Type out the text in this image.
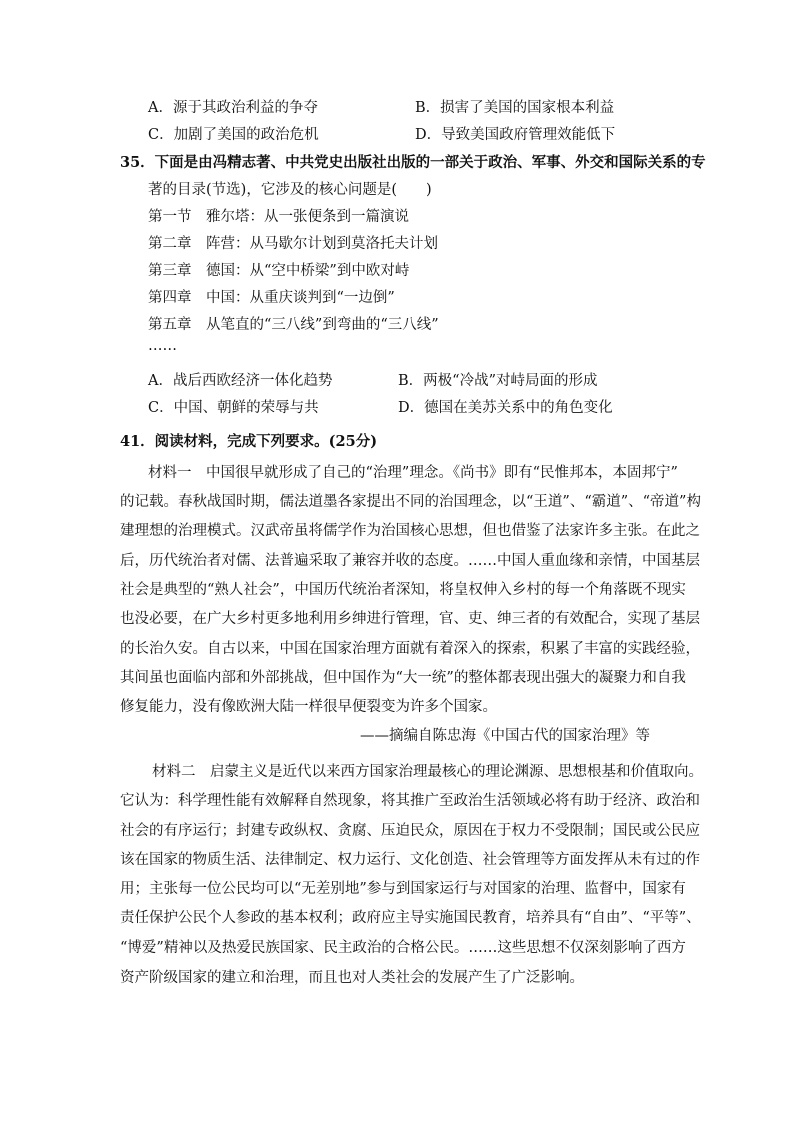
A．源于其政治利益的争夺	B．损害了美国的国家根本利益
C．加剧了美国的政治危机	D．导致美国政府管理效能低下
35．下面是由冯精志著、中共党史出版社出版的一部关于政治、军事、外交和国际关系的专
著的目录(节选)，它涉及的核心问题是(　　)
第一节　雅尔塔：从一张便条到一篇演说
第二章　阵营：从马歇尔计划到莫洛托夫计划
第三章　德国：从“空中桥梁”到中欧对峙
第四章　中国：从重庆谈判到“一边倒”
第五章　从笔直的“三八线”到弯曲的“三八线”
……
A．战后西欧经济一体化趋势	B．两极“冷战”对峙局面的形成
C．中国、朝鲜的荣辱与共	D．德国在美苏关系中的角色变化
41．阅读材料，完成下列要求。(25分)
材料一　中国很早就形成了自己的“治理”理念。《尚书》即有“民惟邦本，本固邦宁”
的记载。春秋战国时期，儒法道墨各家提出不同的治国理念，以“王道”、“霸道”、“帝道”构
建理想的治理模式。汉武帝虽将儒学作为治国核心思想，但也借鉴了法家许多主张。在此之
后，历代统治者对儒、法普遍采取了兼容并收的态度。……中国人重血缘和亲情，中国基层
社会是典型的“熟人社会”，中国历代统治者深知，将皇权伸入乡村的每一个角落既不现实
也没必要，在广大乡村更多地利用乡绅进行管理，官、吏、绅三者的有效配合，实现了基层
的长治久安。自古以来，中国在国家治理方面就有着深入的探索，积累了丰富的实践经验，
其间虽也面临内部和外部挑战，但中国作为“大一统”的整体都表现出强大的凝聚力和自我
修复能力，没有像欧洲大陆一样很早便裂变为许多个国家。
——摘编自陈忠海《中国古代的国家治理》等
材料二　启蒙主义是近代以来西方国家治理最核心的理论渊源、思想根基和价值取向。
它认为：科学理性能有效解释自然现象，将其推广至政治生活领域必将有助于经济、政治和
社会的有序运行；封建专政纵权、贪腐、压迫民众，原因在于权力不受限制；国民或公民应
该在国家的物质生活、法律制定、权力运行、文化创造、社会管理等方面发挥从未有过的作
用；主张每一位公民均可以“无差别地”参与到国家运行与对国家的治理、监督中，国家有
责任保护公民个人参政的基本权利；政府应主导实施国民教育，培养具有“自由”、“平等”、
“博爱”精神以及热爱民族国家、民主政治的合格公民。……这些思想不仅深刻影响了西方
资产阶级国家的建立和治理，而且也对人类社会的发展产生了广泛影响。
